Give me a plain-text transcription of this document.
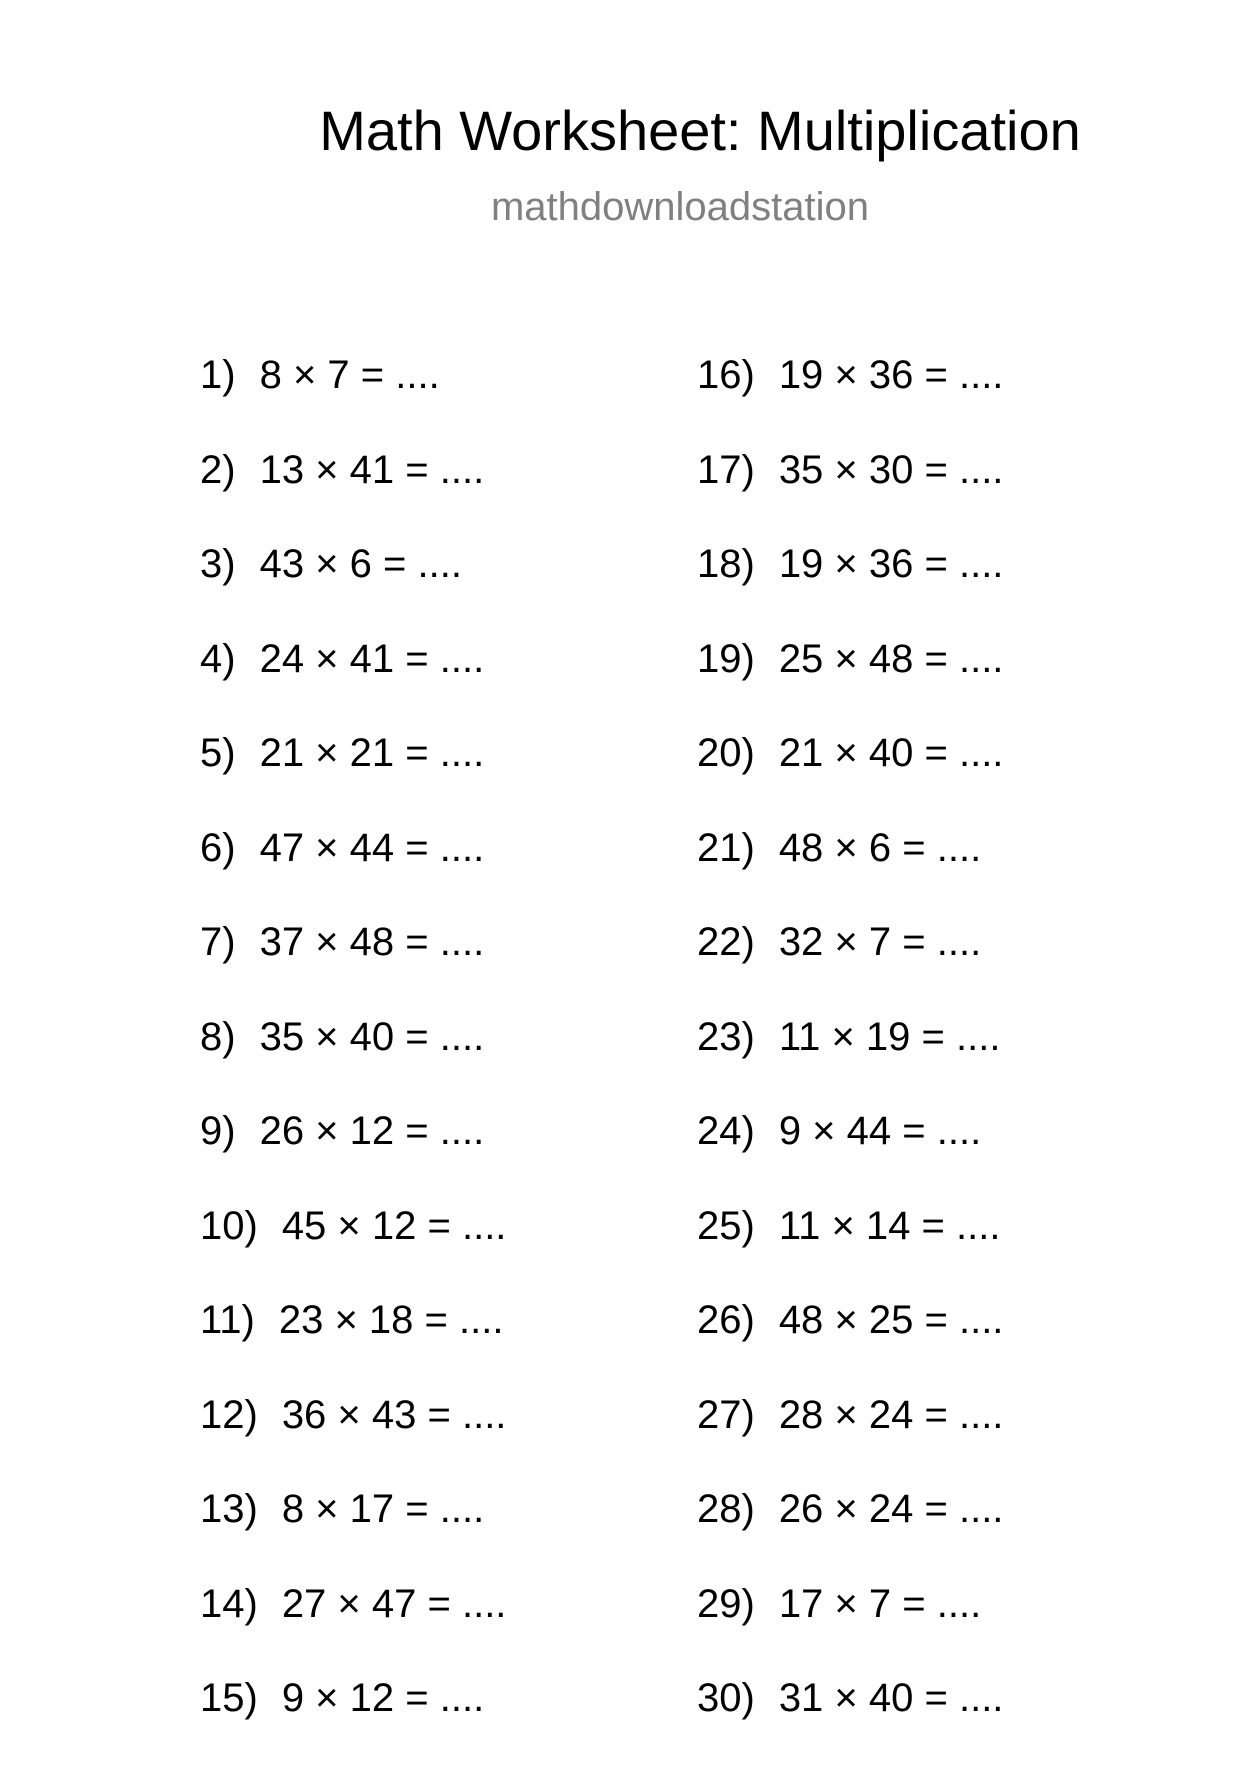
Math Worksheet: Multiplication
mathdownloadstation
1) 8 × 7 = ....
2) 13 × 41 = ....
3) 43 × 6 = ....
4) 24 × 41 = ....
5) 21 × 21 = ....
6) 47 × 44 = ....
7) 37 × 48 = ....
8) 35 × 40 = ....
9) 26 × 12 = ....
10) 45 × 12 = ....
11) 23 × 18 = ....
12) 36 × 43 = ....
13) 8 × 17 = ....
14) 27 × 47 = ....
15) 9 × 12 = ....
16) 19 × 36 = ....
17) 35 × 30 = ....
18) 19 × 36 = ....
19) 25 × 48 = ....
20) 21 × 40 = ....
21) 48 × 6 = ....
22) 32 × 7 = ....
23) 11 × 19 = ....
24) 9 × 44 = ....
25) 11 × 14 = ....
26) 48 × 25 = ....
27) 28 × 24 = ....
28) 26 × 24 = ....
29) 17 × 7 = ....
30) 31 × 40 = ....
